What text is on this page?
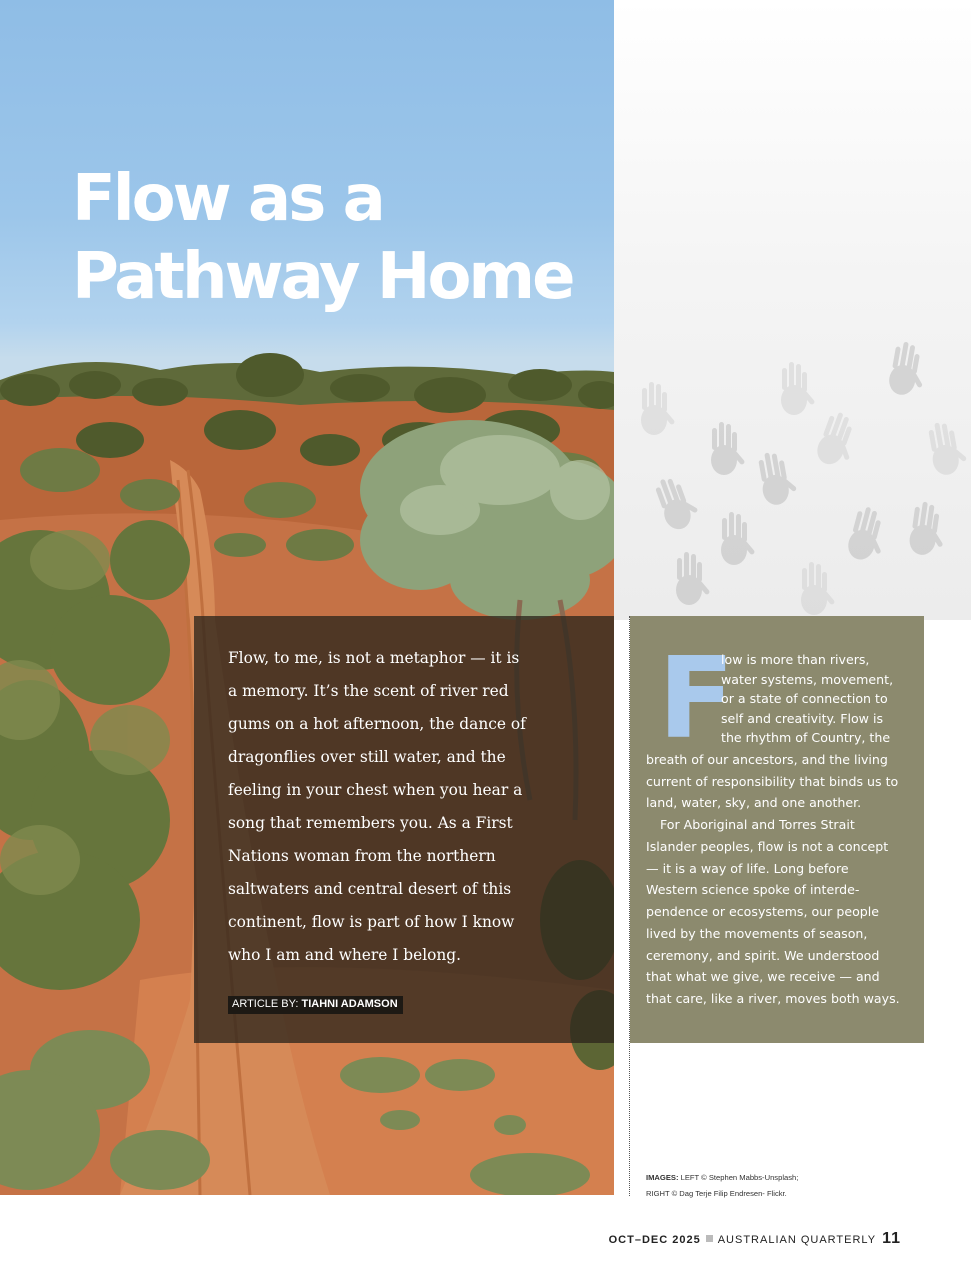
Flow as a
Pathway Home
Flow, to me, is not a metaphor — it is
a memory. It’s the scent of river red
gums on a hot afternoon, the dance of
dragonflies over still water, and the
feeling in your chest when you hear a
song that remembers you. As a First
Nations woman from the northern
saltwaters and central desert of this
continent, flow is part of how I know
who I am and where I belong.
ARTICLE BY: TIAHNI ADAMSON
F

low is more than rivers,
water systems, movement,
or a state of connection to
self and creativity. Flow is
the rhythm of Country, the
breath of our ancestors, and the living
current of responsibility that binds us to
land, water, sky, and one another.
For Aboriginal and Torres Strait
Islander peoples, flow is not a concept
— it is a way of life. Long before
Western science spoke of interde-
pendence or ecosystems, our people
lived by the movements of season,
ceremony, and spirit. We understood
that what we give, we receive — and
that care, like a river, moves both ways.

IMAGES: LEFT © Stephen Mabbs-Unsplash;
RIGHT © Dag Terje Filip Endresen- Flickr.
OCT–DEC 2025 AUSTRALIAN QUARTERLY 11
